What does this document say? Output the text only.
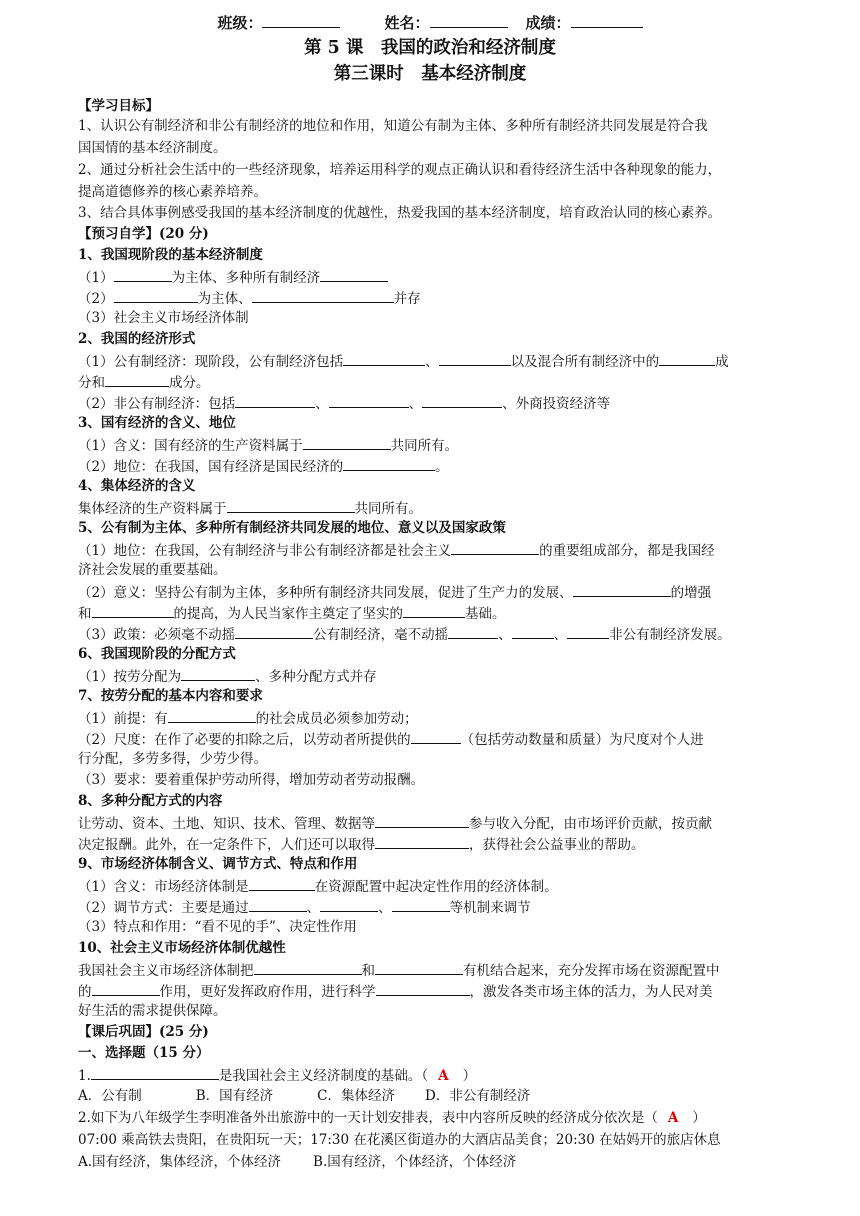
班级：	姓名：	成绩：
第 5 课　我国的政治和经济制度
第三课时　基本经济制度
【学习目标】
1、认识公有制经济和非公有制经济的地位和作用，知道公有制为主体、多种所有制经济共同发展是符合我
国国情的基本经济制度。
2、通过分析社会生活中的一些经济现象，培养运用科学的观点正确认识和看待经济生活中各种现象的能力，
提高道德修养的核心素养培养。
3、结合具体事例感受我国的基本经济制度的优越性，热爱我国的基本经济制度，培育政治认同的核心素养。
【预习自学】(20 分)
1、我国现阶段的基本经济制度
（1）	为主体、多种所有制经济
（2）	为主体、	并存
（3）社会主义市场经济体制
2、我国的经济形式
（1）公有制经济：现阶段，公有制经济包括	、	以及混合所有制经济中的	成
分和	成分。
（2）非公有制经济：包括	、	、	、外商投资经济等
3、国有经济的含义、地位
（1）含义：国有经济的生产资料属于	共同所有。
（2）地位：在我国，国有经济是国民经济的	。
4、集体经济的含义
集体经济的生产资料属于	共同所有。
5、公有制为主体、多种所有制经济共同发展的地位、意义以及国家政策
（1）地位：在我国，公有制经济与非公有制经济都是社会主义	的重要组成部分，都是我国经
济社会发展的重要基础。
（2）意义：坚持公有制为主体，多种所有制经济共同发展，促进了生产力的发展、	的增强
和	的提高，为人民当家作主奠定了坚实的	基础。
（3）政策：必须毫不动摇	公有制经济，毫不动摇	、	、	非公有制经济发展。
6、我国现阶段的分配方式
（1）按劳分配为	、多种分配方式并存
7、按劳分配的基本内容和要求
（1）前提：有	的社会成员必须参加劳动；
（2）尺度：在作了必要的扣除之后，以劳动者所提供的	（包括劳动数量和质量）为尺度对个人进
行分配，多劳多得，少劳少得。
（3）要求：要着重保护劳动所得，增加劳动者劳动报酬。
8、多种分配方式的内容
让劳动、资本、土地、知识、技术、管理、数据等	参与收入分配，由市场评价贡献，按贡献
决定报酬。此外，在一定条件下，人们还可以取得	，获得社会公益事业的帮助。
9、市场经济体制含义、调节方式、特点和作用
（1）含义：市场经济体制是	在资源配置中起决定性作用的经济体制。
（2）调节方式：主要是通过	、	、	等机制来调节
（3）特点和作用：“看不见的手”、决定性作用
10、社会主义市场经济体制优越性
我国社会主义市场经济体制把	和	有机结合起来，充分发挥市场在资源配置中
的	作用，更好发挥政府作用，进行科学	，激发各类市场主体的活力，为人民对美
好生活的需求提供保障。
【课后巩固】(25 分)
一、选择题（15 分）
1.	是我国社会主义经济制度的基础。（ A ）
A．公有制	B．国有经济	C．集体经济 D．非公有制经济
2.如下为八年级学生李明准备外出旅游中的一天计划安排表，表中内容所反映的经济成分依次是（ A ）
07:00 乘高铁去贵阳，在贵阳玩一天；17:30 在花溪区街道办的大酒店品美食；20:30 在姑妈开的旅店休息
A.国有经济，集体经济，个体经济 B.国有经济，个体经济，个体经济
